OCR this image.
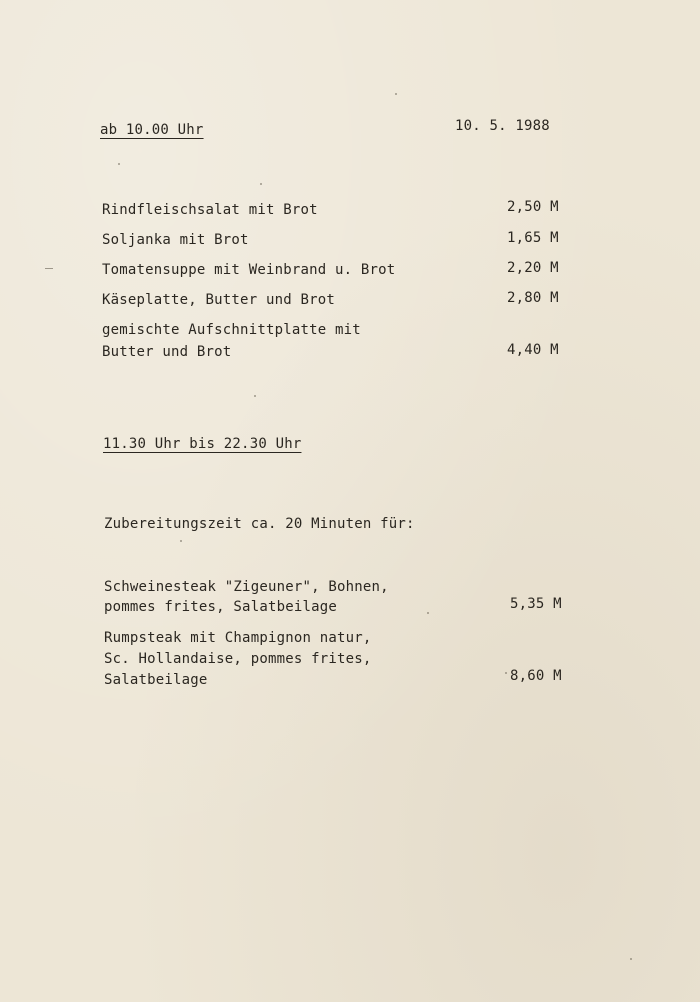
ab 10.00 Uhr	10. 5. 1988
Rindfleischsalat mit Brot	2,50 M
Soljanka mit Brot	1,65 M
Tomatensuppe mit Weinbrand u. Brot	2,20 M
Käseplatte, Butter und Brot	2,80 M
gemischte Aufschnittplatte mit
Butter und Brot	4,40 M
11.30 Uhr bis 22.30 Uhr
Zubereitungszeit ca. 20 Minuten für:
Schweinesteak "Zigeuner", Bohnen,
pommes frites, Salatbeilage	5,35 M
Rumpsteak mit Champignon natur,
Sc. Hollandaise, pommes frites,
Salatbeilage	8,60 M
